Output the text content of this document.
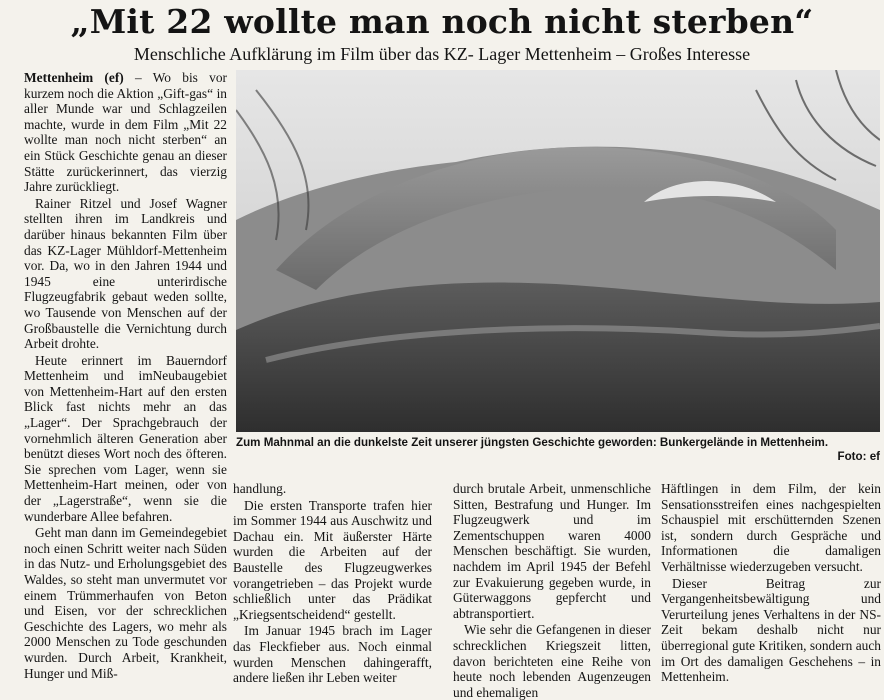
„Mit 22 wollte man noch nicht sterben“
Menschliche Aufklärung im Film über das KZ- Lager Mettenheim – Großes Interesse

Mettenheim (ef) – Wo bis vor kurzem noch die Aktion „Gift-gas“ in aller Munde war und Schlagzeilen machte, wurde in dem Film „Mit 22 wollte man noch nicht sterben“ an ein Stück Geschichte genau an dieser Stätte zurückerinnert, das vierzig Jahre zurückliegt.

Rainer Ritzel und Josef Wagner stellten ihren im Landkreis und darüber hinaus bekannten Film über das KZ-Lager Mühldorf-Mettenheim vor. Da, wo in den Jahren 1944 und 1945 eine unterirdische Flugzeugfabrik gebaut weden sollte, wo Tausende von Menschen auf der Großbaustelle die Vernichtung durch Arbeit drohte.

Heute erinnert im Bauerndorf Mettenheim und imNeubaugebiet von Mettenheim-Hart auf den ersten Blick fast nichts mehr an das „Lager“. Der Sprachgebrauch der vornehmlich älteren Generation aber benützt dieses Wort noch des öfteren. Sie sprechen vom Lager, wenn sie Mettenheim-Hart meinen, oder von der „Lagerstraße“, wenn sie die wunderbare Allee befahren.

Geht man dann im Gemeindegebiet noch einen Schritt weiter nach Süden in das Nutz- und Erholungsgebiet des Waldes, so steht man unvermutet vor einem Trümmerhaufen von Beton und Eisen, vor der schrecklichen Geschichte des Lagers, wo mehr als 2000 Menschen zu Tode geschunden wurden. Durch Arbeit, Krankheit, Hunger und Miß-

Zum Mahnmal an die dunkelste Zeit unserer jüngsten Geschichte geworden: Bunkergelände in Mettenheim.
Foto: ef

handlung.

Die ersten Transporte trafen hier im Sommer 1944 aus Auschwitz und Dachau ein. Mit äußerster Härte wurden die Arbeiten auf der Baustelle des Flugzeugwerkes vorangetrieben – das Projekt wurde schließlich unter das Prädikat „Kriegsentscheidend“ gestellt.

Im Januar 1945 brach im Lager das Fleckfieber aus. Noch einmal wurden Menschen dahingerafft, andere ließen ihr Leben weiter

durch brutale Arbeit, unmenschliche Sitten, Bestrafung und Hunger. Im Flugzeugwerk und im Zementschuppen waren 4000 Menschen beschäftigt. Sie wurden, nachdem im April 1945 der Befehl zur Evakuierung gegeben wurde, in Güterwaggons gepfercht und abtransportiert.

Wie sehr die Gefangenen in dieser schrecklichen Kriegszeit litten, davon berichteten eine Reihe von heute noch lebenden Augenzeugen und ehemaligen

Häftlingen in dem Film, der kein Sensationsstreifen eines nachgespielten Schauspiel mit erschütternden Szenen ist, sondern durch Gespräche und Informationen die damaligen Verhältnisse wiederzugeben versucht.

Dieser Beitrag zur Vergangenheitsbewältigung und Verurteilung jenes Verhaltens in der NS-Zeit bekam deshalb nicht nur überregional gute Kritiken, sondern auch im Ort des damaligen Geschehens – in Mettenheim.
